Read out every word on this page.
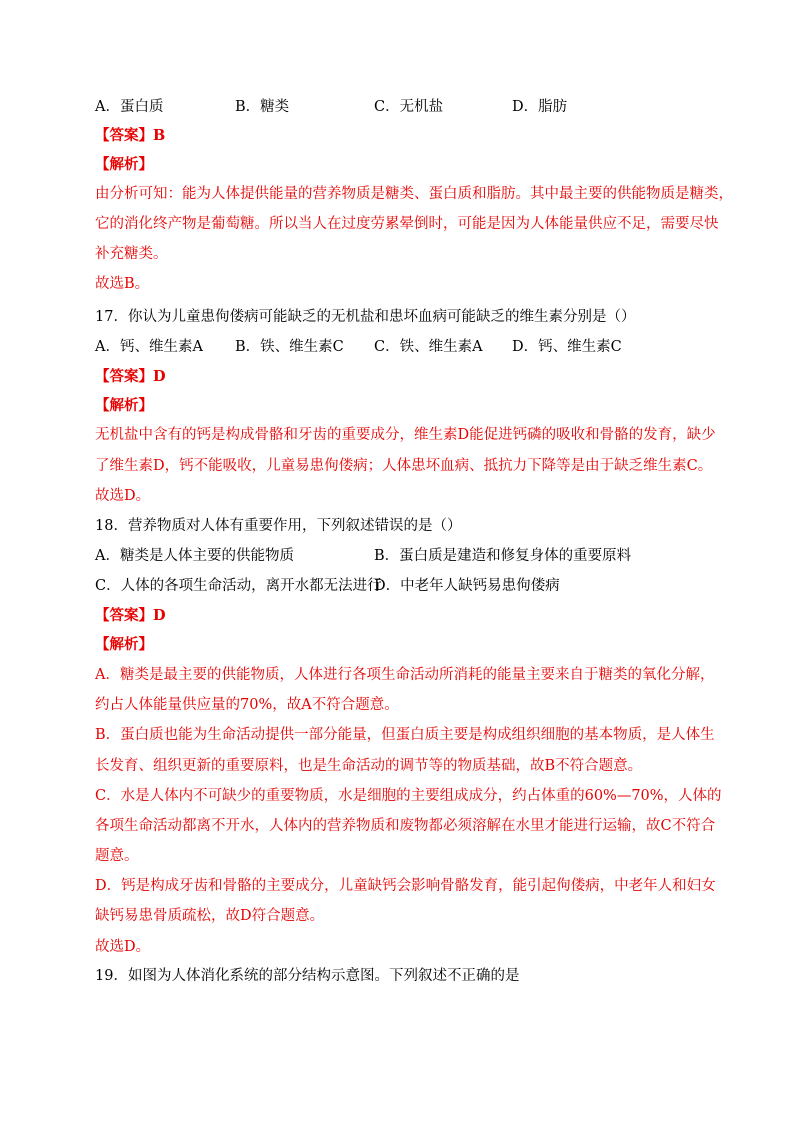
A．蛋白质	B．糖类	C．无机盐	D．脂肪
【答案】B
【解析】
由分析可知：能为人体提供能量的营养物质是糖类、蛋白质和脂肪。其中最主要的供能物质是糖类，
它的消化终产物是葡萄糖。所以当人在过度劳累晕倒时，可能是因为人体能量供应不足，需要尽快
补充糖类。
故选B。
17．你认为儿童患佝偻病可能缺乏的无机盐和患坏血病可能缺乏的维生素分别是（）
A．钙、维生素A B．铁、维生素C C．铁、维生素A D．钙、维生素C
【答案】D
【解析】
无机盐中含有的钙是构成骨骼和牙齿的重要成分，维生素D能促进钙磷的吸收和骨骼的发育，缺少
了维生素D，钙不能吸收，儿童易患佝偻病；人体患坏血病、抵抗力下降等是由于缺乏维生素C。
故选D。
18．营养物质对人体有重要作用，下列叙述错误的是（）
A．糖类是人体主要的供能物质	B．蛋白质是建造和修复身体的重要原料
C．人体的各项生命活动，离开水都无法进行
D．中老年人缺钙易患佝偻病
【答案】D
【解析】
A．糖类是最主要的供能物质，人体进行各项生命活动所消耗的能量主要来自于糖类的氧化分解，
约占人体能量供应量的70%，故A不符合题意。
B．蛋白质也能为生命活动提供一部分能量，但蛋白质主要是构成组织细胞的基本物质，是人体生
长发育、组织更新的重要原料，也是生命活动的调节等的物质基础，故B不符合题意。
C．水是人体内不可缺少的重要物质，水是细胞的主要组成成分，约占体重的60%—70%，人体的
各项生命活动都离不开水，人体内的营养物质和废物都必须溶解在水里才能进行运输，故C不符合
题意。
D．钙是构成牙齿和骨骼的主要成分，儿童缺钙会影响骨骼发育，能引起佝偻病，中老年人和妇女
缺钙易患骨质疏松，故D符合题意。
故选D。
19．如图为人体消化系统的部分结构示意图。下列叙述不正确的是
